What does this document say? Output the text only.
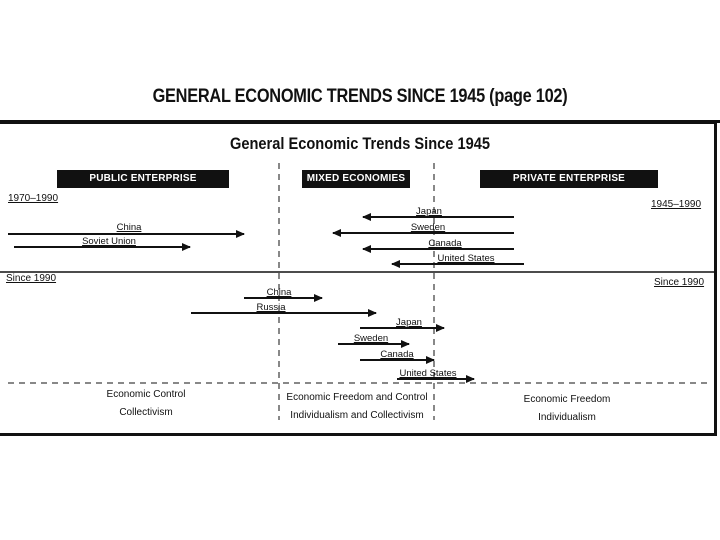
GENERAL ECONOMIC TRENDS SINCE 1945 (page 102)
General Economic Trends Since 1945
PUBLIC ENTERPRISE ECONOMIES
MIXED ECONOMIES	PRIVATE ENTERPRISE ECONOMIES
1970–1990
1945–1990
Since 1990	Since 1990
Japan
Sweden
Canada
United States
China
Soviet Union
China
Russia
Japan
Sweden
Canada
United States
Economic Control
Collectivism
Economic Freedom and Control
Individualism and Collectivism
Economic Freedom
Individualism
